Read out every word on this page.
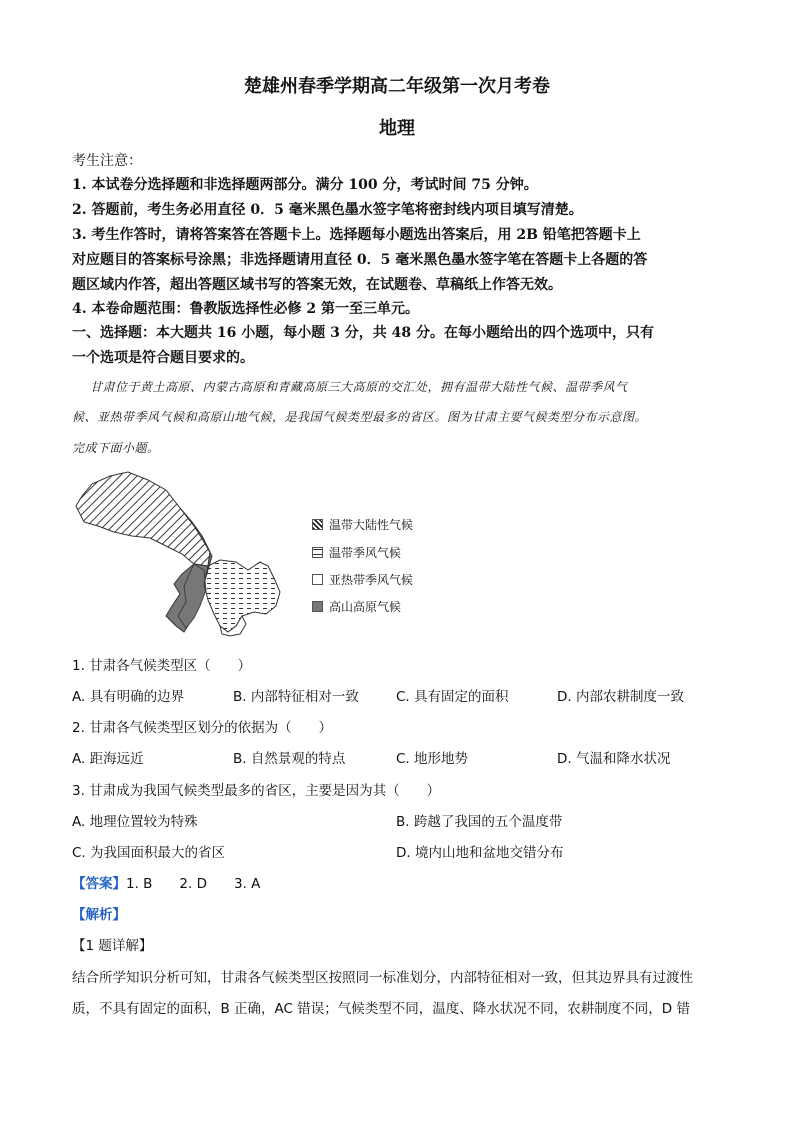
楚雄州春季学期高二年级第一次月考卷
地理
考生注意：
1. 本试卷分选择题和非选择题两部分。满分 100 分，考试时间 75 分钟。
2. 答题前，考生务必用直径 0．5 毫米黑色墨水签字笔将密封线内项目填写清楚。
3. 考生作答时，请将答案答在答题卡上。选择题每小题选出答案后，用 2B 铅笔把答题卡上
对应题目的答案标号涂黑；非选择题请用直径 0．5 毫米黑色墨水签字笔在答题卡上各题的答
题区域内作答，超出答题区域书写的答案无效，在试题卷、草稿纸上作答无效。
4. 本卷命题范围：鲁教版选择性必修 2 第一至三单元。
一、选择题：本大题共 16 小题，每小题 3 分，共 48 分。在每小题给出的四个选项中，只有
一个选项是符合题目要求的。
甘肃位于黄土高原、内蒙古高原和青藏高原三大高原的交汇处，拥有温带大陆性气候、温带季风气
候、亚热带季风气候和高原山地气候，是我国气候类型最多的省区。图为甘肃主要气候类型分布示意图。
完成下面小题。
温带大陆性气候
温带季风气候
亚热带季风气候
高山高原气候
1. 甘肃各气候类型区（　　）
A. 具有明确的边界	B. 内部特征相对一致	C. 具有固定的面积	D. 内部农耕制度一致
2. 甘肃各气候类型区划分的依据为（　　）
A. 距海远近	B. 自然景观的特点	C. 地形地势	D. 气温和降水状况
3. 甘肃成为我国气候类型最多的省区，主要是因为其（　　）
A. 地理位置较为特殊	B. 跨越了我国的五个温度带
C. 为我国面积最大的省区	D. 境内山地和盆地交错分布
【答案】1. B　　2. D　　3. A
【解析】
【1 题详解】
结合所学知识分析可知，甘肃各气候类型区按照同一标准划分，内部特征相对一致，但其边界具有过渡性
质，不具有固定的面积，B 正确，AC 错误；气候类型不同，温度、降水状况不同，农耕制度不同，D 错
